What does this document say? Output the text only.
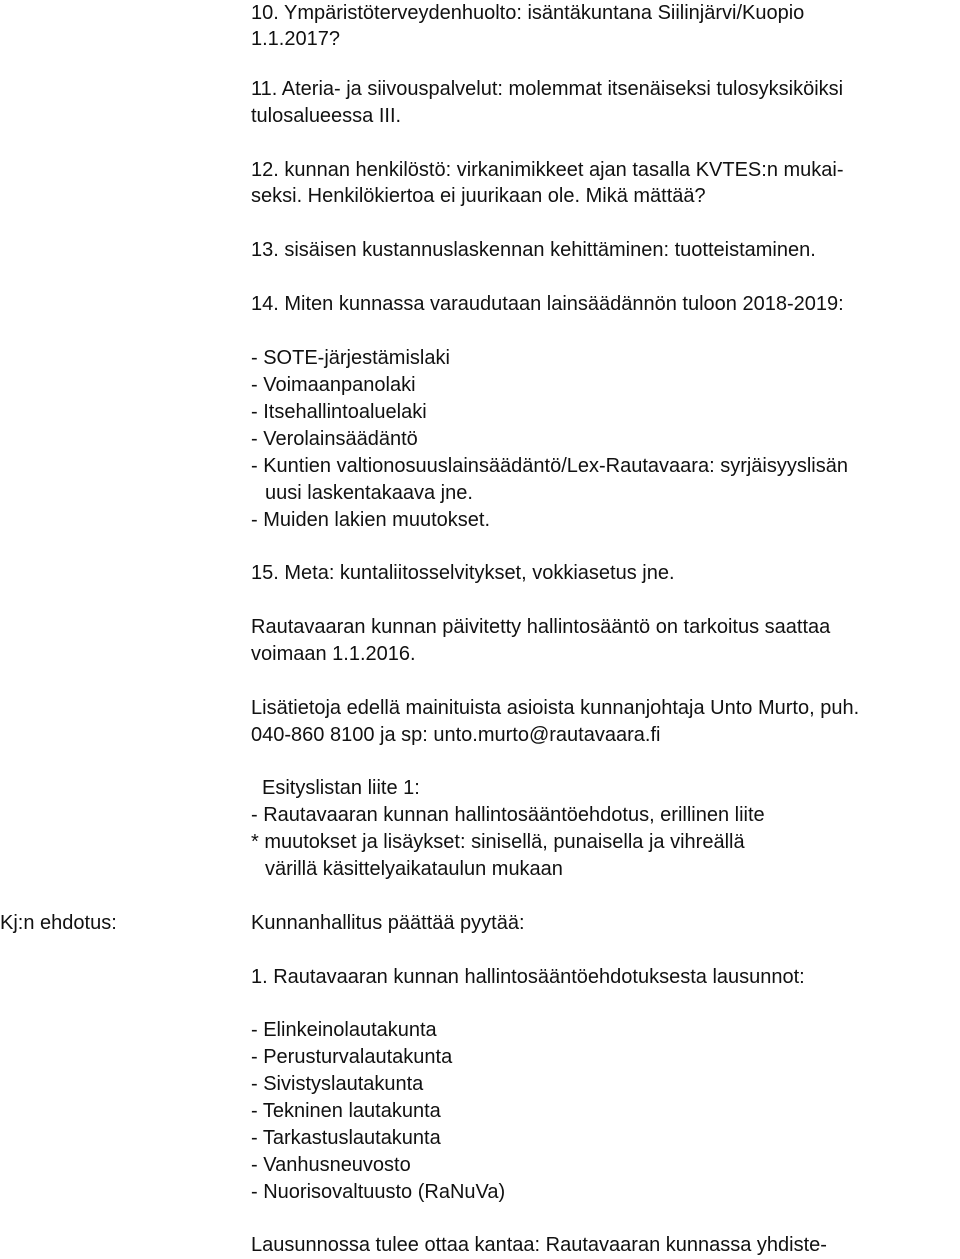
10. Ympäristöterveydenhuolto: isäntäkuntana Siilinjärvi/Kuopio
1.1.2017?
11. Ateria- ja siivouspalvelut: molemmat itsenäiseksi tulosyksiköiksi
tulosalueessa III.
12. kunnan henkilöstö: virkanimikkeet ajan tasalla KVTES:n mukai-
seksi. Henkilökiertoa ei juurikaan ole. Mikä mättää?
13. sisäisen kustannuslaskennan kehittäminen: tuotteistaminen.
14. Miten kunnassa varaudutaan lainsäädännön tuloon 2018-2019:
- SOTE-järjestämislaki
- Voimaanpanolaki
- Itsehallintoaluelaki
- Verolainsäädäntö
- Kuntien valtionosuuslainsäädäntö/Lex-Rautavaara: syrjäisyyslisän
uusi laskentakaava jne.
- Muiden lakien muutokset.
15. Meta: kuntaliitosselvitykset, vokkiasetus jne.
Rautavaaran kunnan päivitetty hallintosääntö on tarkoitus saattaa
voimaan 1.1.2016.
Lisätietoja edellä mainituista asioista kunnanjohtaja Unto Murto, puh.
040-860 8100 ja sp: unto.murto@rautavaara.fi
Esityslistan liite 1:
- Rautavaaran kunnan hallintosääntöehdotus, erillinen liite
* muutokset ja lisäykset: sinisellä, punaisella ja vihreällä
värillä käsittelyaikataulun mukaan
Kj:n ehdotus:	Kunnanhallitus päättää pyytää:
1. Rautavaaran kunnan hallintosääntöehdotuksesta lausunnot:
- Elinkeinolautakunta
- Perusturvalautakunta
- Sivistyslautakunta
- Tekninen lautakunta
- Tarkastuslautakunta
- Vanhusneuvosto
- Nuorisovaltuusto (RaNuVa)
Lausunnossa tulee ottaa kantaa: Rautavaaran kunnassa yhdiste-
